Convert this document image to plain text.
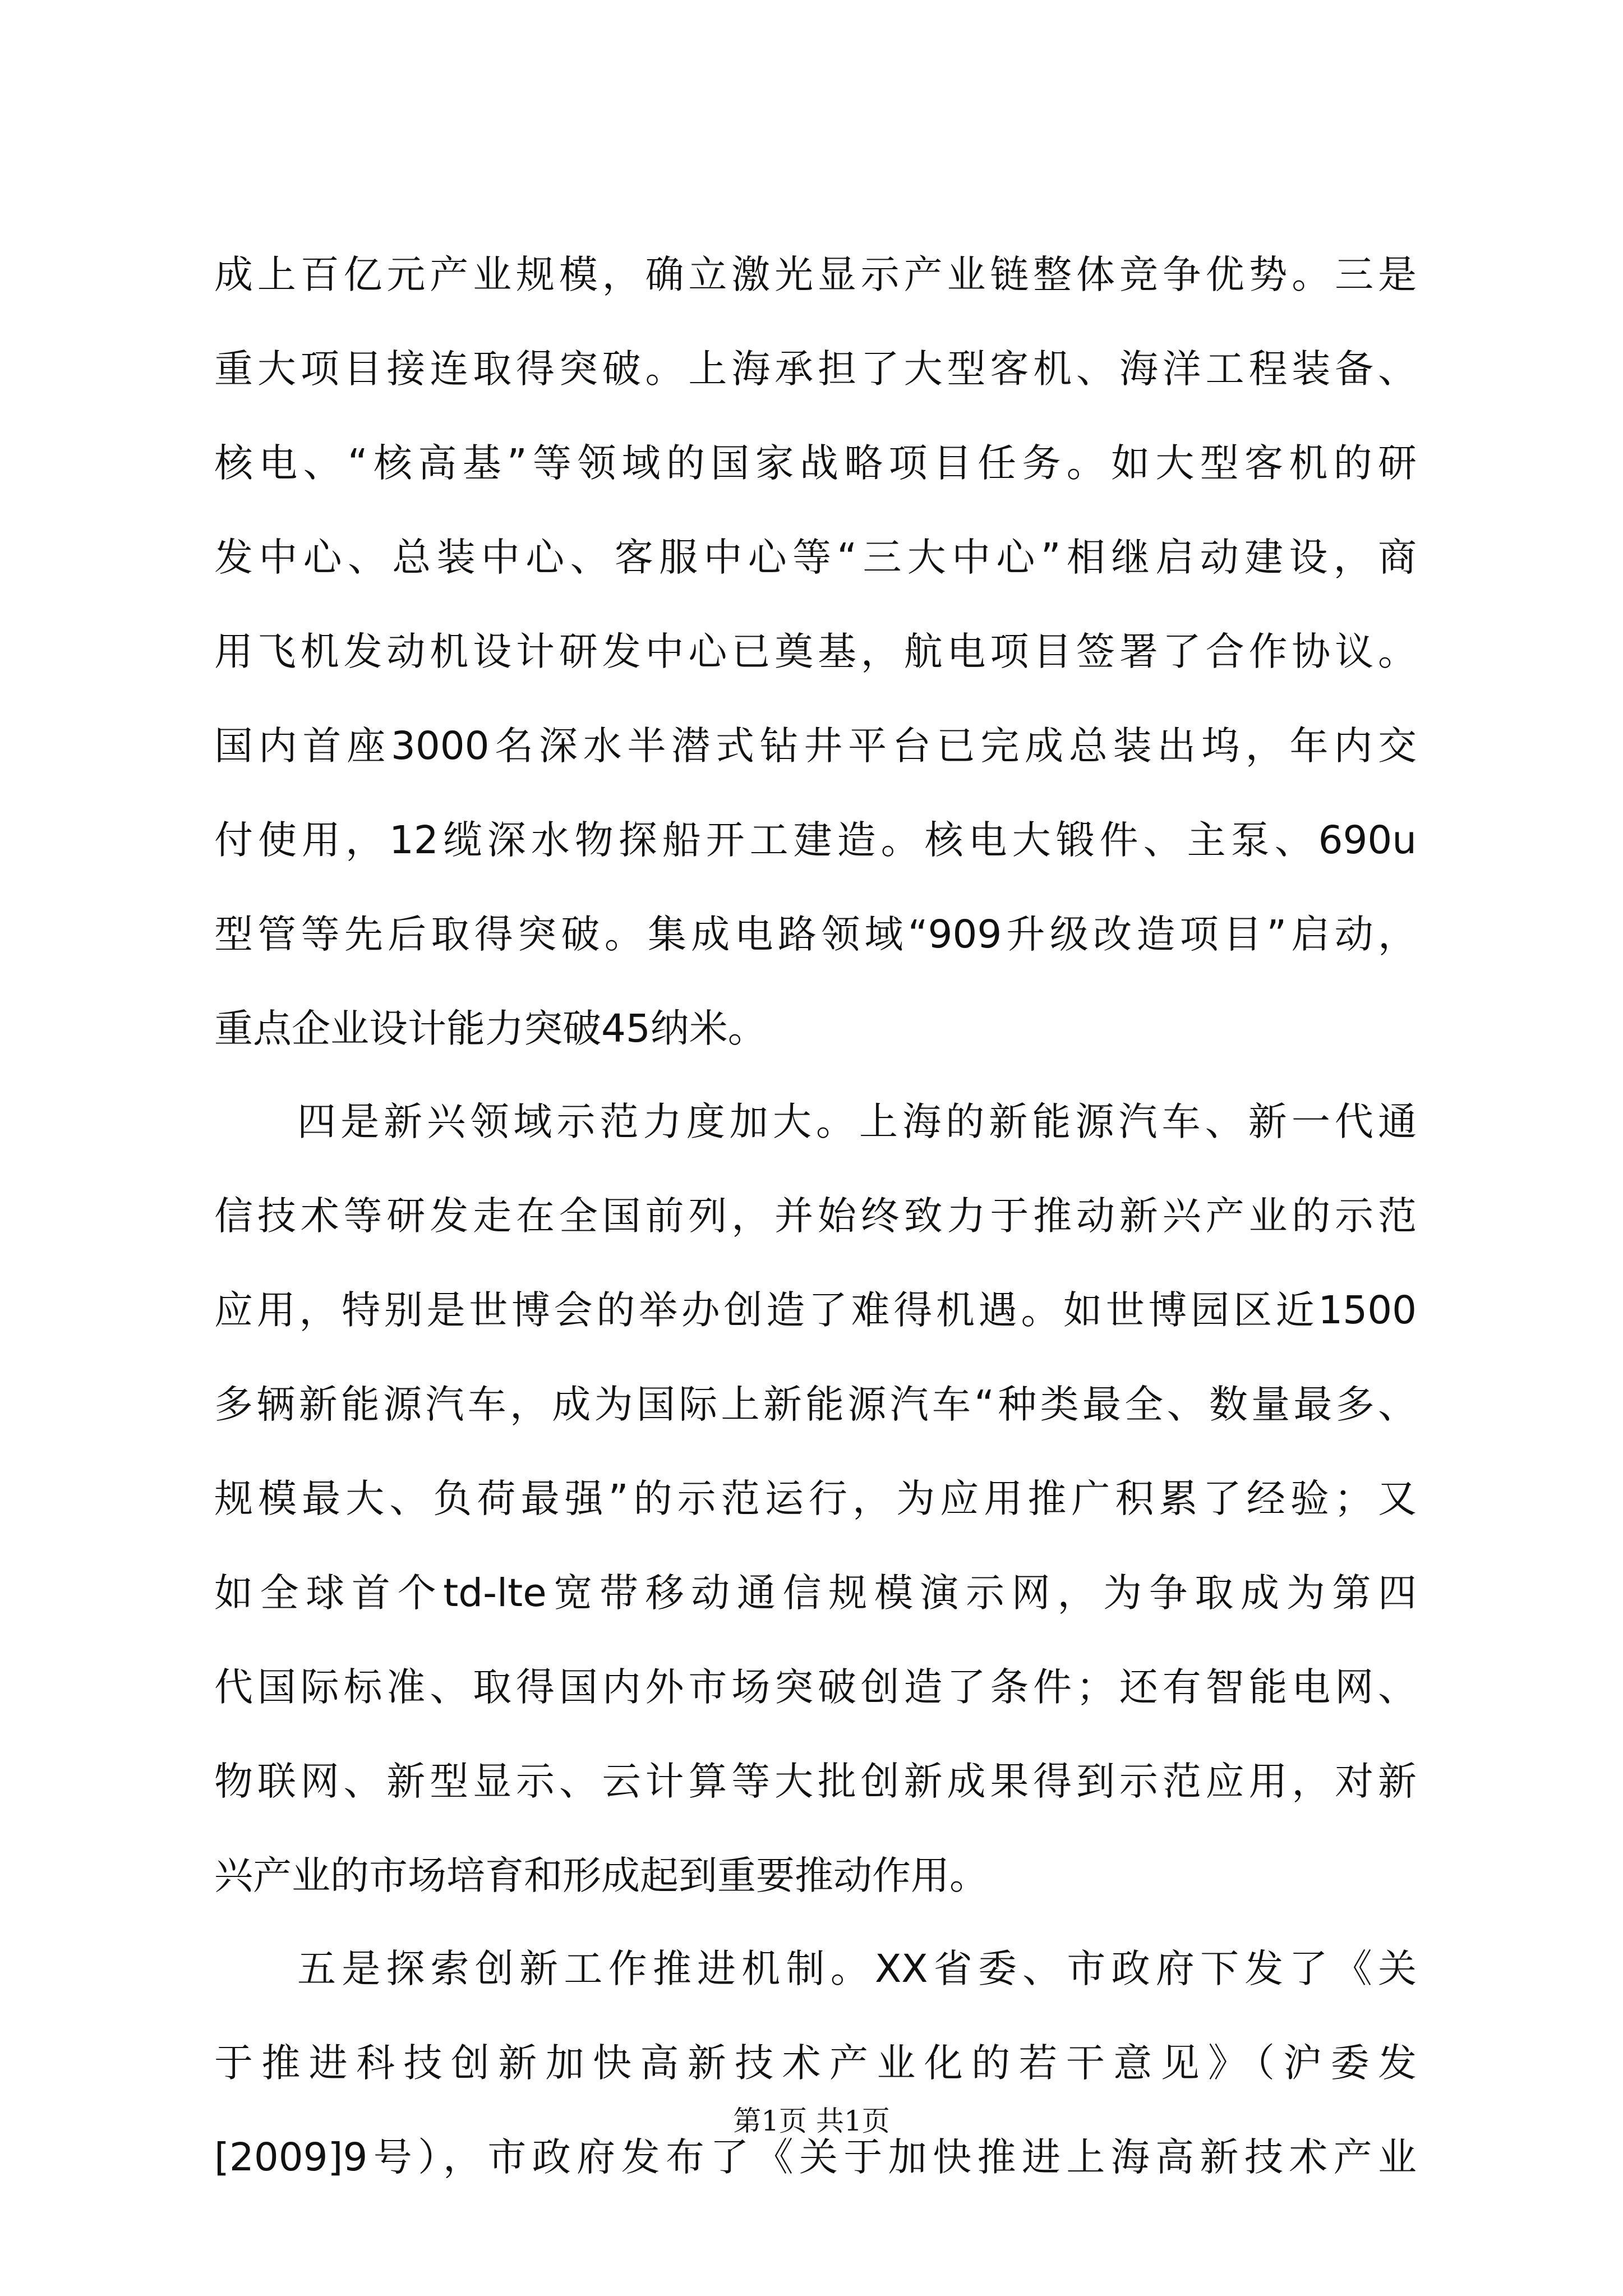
成上百亿元产业规模，确立激光显示产业链整体竞争优势。三是
重大项目接连取得突破。上海承担了大型客机、海洋工程装备、
核电、“核高基”等领域的国家战略项目任务。如大型客机的研
发中心、总装中心、客服中心等“三大中心”相继启动建设，商
用飞机发动机设计研发中心已奠基，航电项目签署了合作协议。
国内首座3000名深水半潜式钻井平台已完成总装出坞，年内交
付使用，12缆深水物探船开工建造。核电大锻件、主泵、690u
型管等先后取得突破。集成电路领域“909升级改造项目”启动，
重点企业设计能力突破45纳米。
四是新兴领域示范力度加大。上海的新能源汽车、新一代通
信技术等研发走在全国前列，并始终致力于推动新兴产业的示范
应用，特别是世博会的举办创造了难得机遇。如世博园区近1500
多辆新能源汽车，成为国际上新能源汽车“种类最全、数量最多、
规模最大、负荷最强”的示范运行，为应用推广积累了经验；又
如全球首个td-lte宽带移动通信规模演示网，为争取成为第四
代国际标准、取得国内外市场突破创造了条件；还有智能电网、
物联网、新型显示、云计算等大批创新成果得到示范应用，对新
兴产业的市场培育和形成起到重要推动作用。
五是探索创新工作推进机制。XX省委、市政府下发了《关
于推进科技创新加快高新技术产业化的若干意见》（沪委发
[2009]9号），市政府发布了《关于加快推进上海高新技术产业
第1页 共1页
